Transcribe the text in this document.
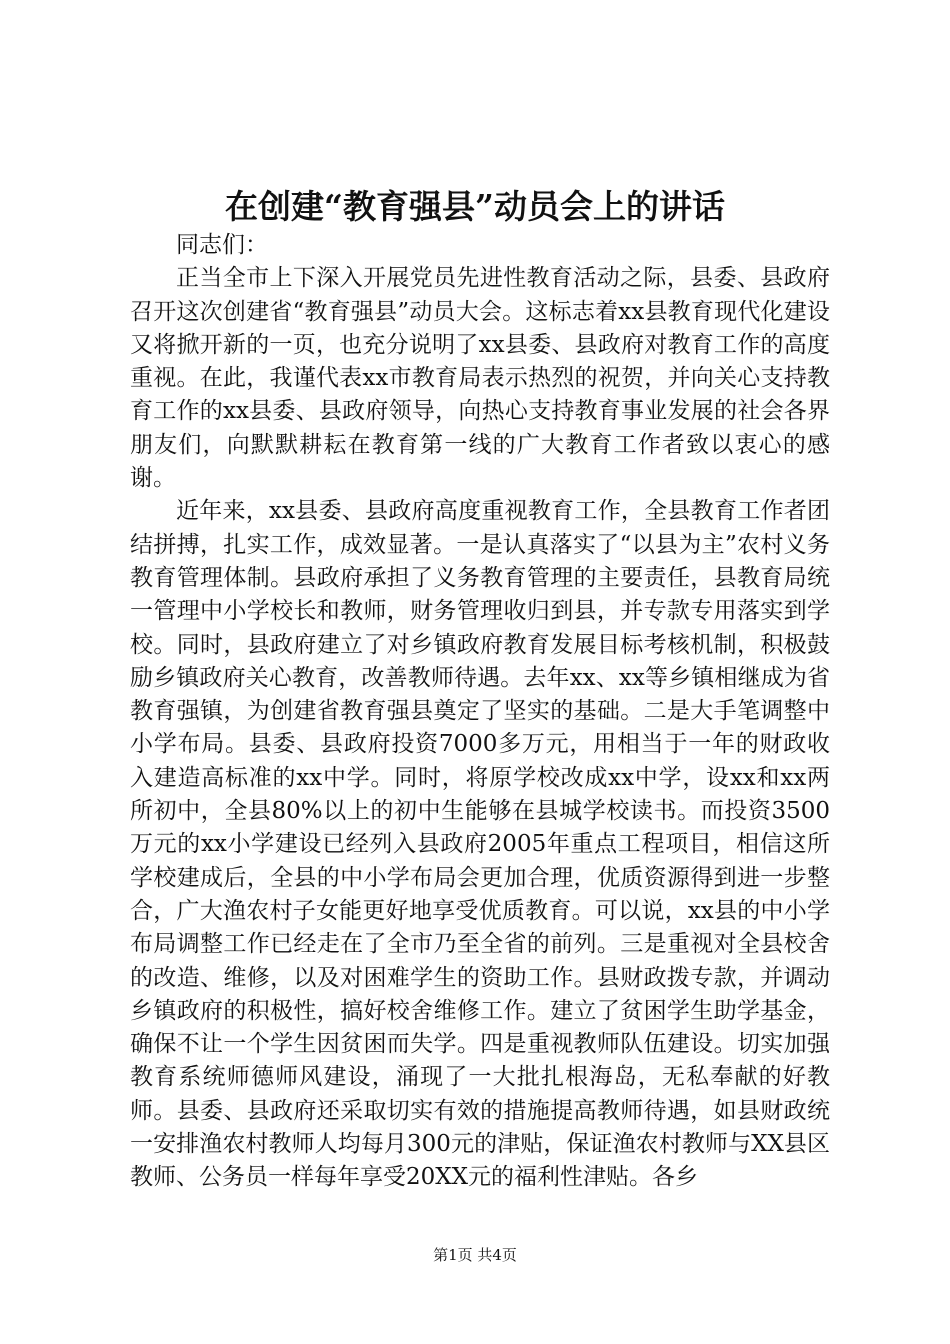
在创建“教育强县”动员会上的讲话

同志们：

正当全市上下深入开展党员先进性教育活动之际，县委、县政府召开这次创建省“教育强县”动员大会。这标志着xx县教育现代化建设又将掀开新的一页，也充分说明了xx县委、县政府对教育工作的高度重视。在此，我谨代表xx市教育局表示热烈的祝贺，并向关心支持教育工作的xx县委、县政府领导，向热心支持教育事业发展的社会各界朋友们，向默默耕耘在教育第一线的广大教育工作者致以衷心的感谢。

近年来，xx县委、县政府高度重视教育工作，全县教育工作者团结拼搏，扎实工作，成效显著。一是认真落实了“以县为主”农村义务教育管理体制。县政府承担了义务教育管理的主要责任，县教育局统一管理中小学校长和教师，财务管理收归到县，并专款专用落实到学校。同时，县政府建立了对乡镇政府教育发展目标考核机制，积极鼓励乡镇政府关心教育，改善教师待遇。去年xx、xx等乡镇相继成为省教育强镇，为创建省教育强县奠定了坚实的基础。二是大手笔调整中小学布局。县委、县政府投资7000多万元，用相当于一年的财政收入建造高标准的xx中学。同时，将原学校改成xx中学，设xx和xx两所初中，全县80%以上的初中生能够在县城学校读书。而投资3500万元的xx小学建设已经列入县政府2005年重点工程项目，相信这所学校建成后，全县的中小学布局会更加合理，优质资源得到进一步整合，广大渔农村子女能更好地享受优质教育。可以说，xx县的中小学布局调整工作已经走在了全市乃至全省的前列。三是重视对全县校舍的改造、维修，以及对困难学生的资助工作。县财政拨专款，并调动乡镇政府的积极性，搞好校舍维修工作。建立了贫困学生助学基金，确保不让一个学生因贫困而失学。四是重视教师队伍建设。切实加强教育系统师德师风建设，涌现了一大批扎根海岛，无私奉献的好教师。县委、县政府还采取切实有效的措施提高教师待遇，如县财政统一安排渔农村教师人均每月300元的津贴，保证渔农村教师与XX县区教师、公务员一样每年享受20XX元的福利性津贴。各乡

第1页 共4页
